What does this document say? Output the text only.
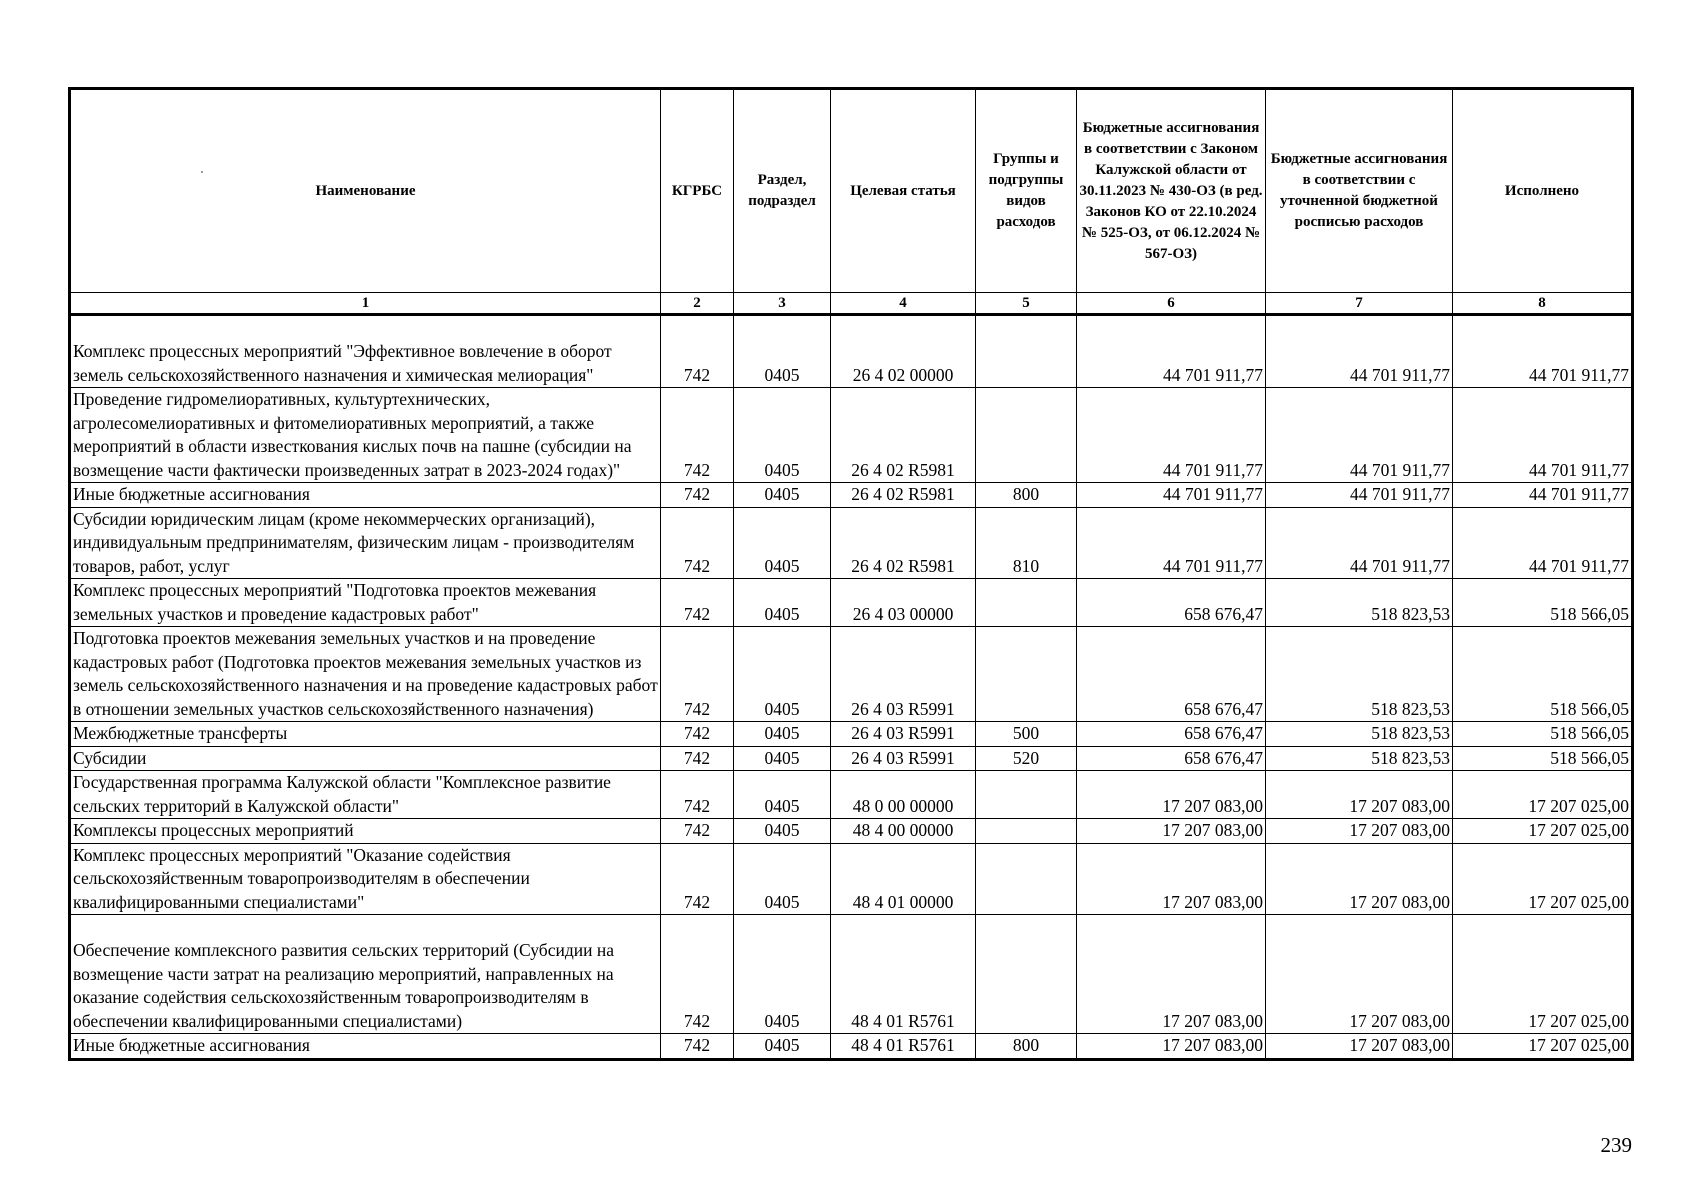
Наименование	КГРБС	Раздел, подраздел	Целевая статья	Группы и подгруппы видов расходов	Бюджетные ассигнования в соответствии с Законом Калужской области от 30.11.2023 № 430-ОЗ (в ред. Законов КО от 22.10.2024 № 525-ОЗ, от 06.12.2024 № 567-ОЗ)	Бюджетные ассигнования в соответствии с уточненной бюджетной росписью расходов	Исполнено
1	2	3	4	5	6	7	8
Комплекс процессных мероприятий "Эффективное вовлечение в оборот земель сельскохозяйственного назначения и химическая мелиорация"	742	0405	26 4 02 00000		44 701 911,77	44 701 911,77	44 701 911,77
Проведение гидромелиоративных, культуртехнических, агролесомелиоративных и фитомелиоративных мероприятий, а также мероприятий в области известкования кислых почв на пашне (субсидии на возмещение части фактически произведенных затрат в 2023-2024 годах)"	742	0405	26 4 02 R5981		44 701 911,77	44 701 911,77	44 701 911,77
Иные бюджетные ассигнования	742	0405	26 4 02 R5981	800	44 701 911,77	44 701 911,77	44 701 911,77
Субсидии юридическим лицам (кроме некоммерческих организаций), индивидуальным предпринимателям, физическим лицам - производителям товаров, работ, услуг	742	0405	26 4 02 R5981	810	44 701 911,77	44 701 911,77	44 701 911,77
Комплекс процессных мероприятий "Подготовка проектов межевания земельных участков и проведение кадастровых работ"	742	0405	26 4 03 00000		658 676,47	518 823,53	518 566,05
Подготовка проектов межевания земельных участков и на проведение кадастровых работ (Подготовка проектов межевания земельных участков из земель сельскохозяйственного назначения и на проведение кадастровых работ в отношении земельных участков сельскохозяйственного назначения)	742	0405	26 4 03 R5991		658 676,47	518 823,53	518 566,05
Межбюджетные трансферты	742	0405	26 4 03 R5991	500	658 676,47	518 823,53	518 566,05
Субсидии	742	0405	26 4 03 R5991	520	658 676,47	518 823,53	518 566,05
Государственная программа Калужской области "Комплексное развитие сельских территорий в Калужской области"	742	0405	48 0 00 00000		17 207 083,00	17 207 083,00	17 207 025,00
Комплексы процессных мероприятий	742	0405	48 4 00 00000		17 207 083,00	17 207 083,00	17 207 025,00
Комплекс процессных мероприятий "Оказание содействия сельскохозяйственным товаропроизводителям в обеспечении квалифицированными специалистами"	742	0405	48 4 01 00000		17 207 083,00	17 207 083,00	17 207 025,00
Обеспечение комплексного развития сельских территорий (Субсидии на возмещение части затрат на реализацию мероприятий, направленных на оказание содействия сельскохозяйственным товаропроизводителям в обеспечении квалифицированными специалистами)	742	0405	48 4 01 R5761		17 207 083,00	17 207 083,00	17 207 025,00
Иные бюджетные ассигнования	742	0405	48 4 01 R5761	800	17 207 083,00	17 207 083,00	17 207 025,00
239
